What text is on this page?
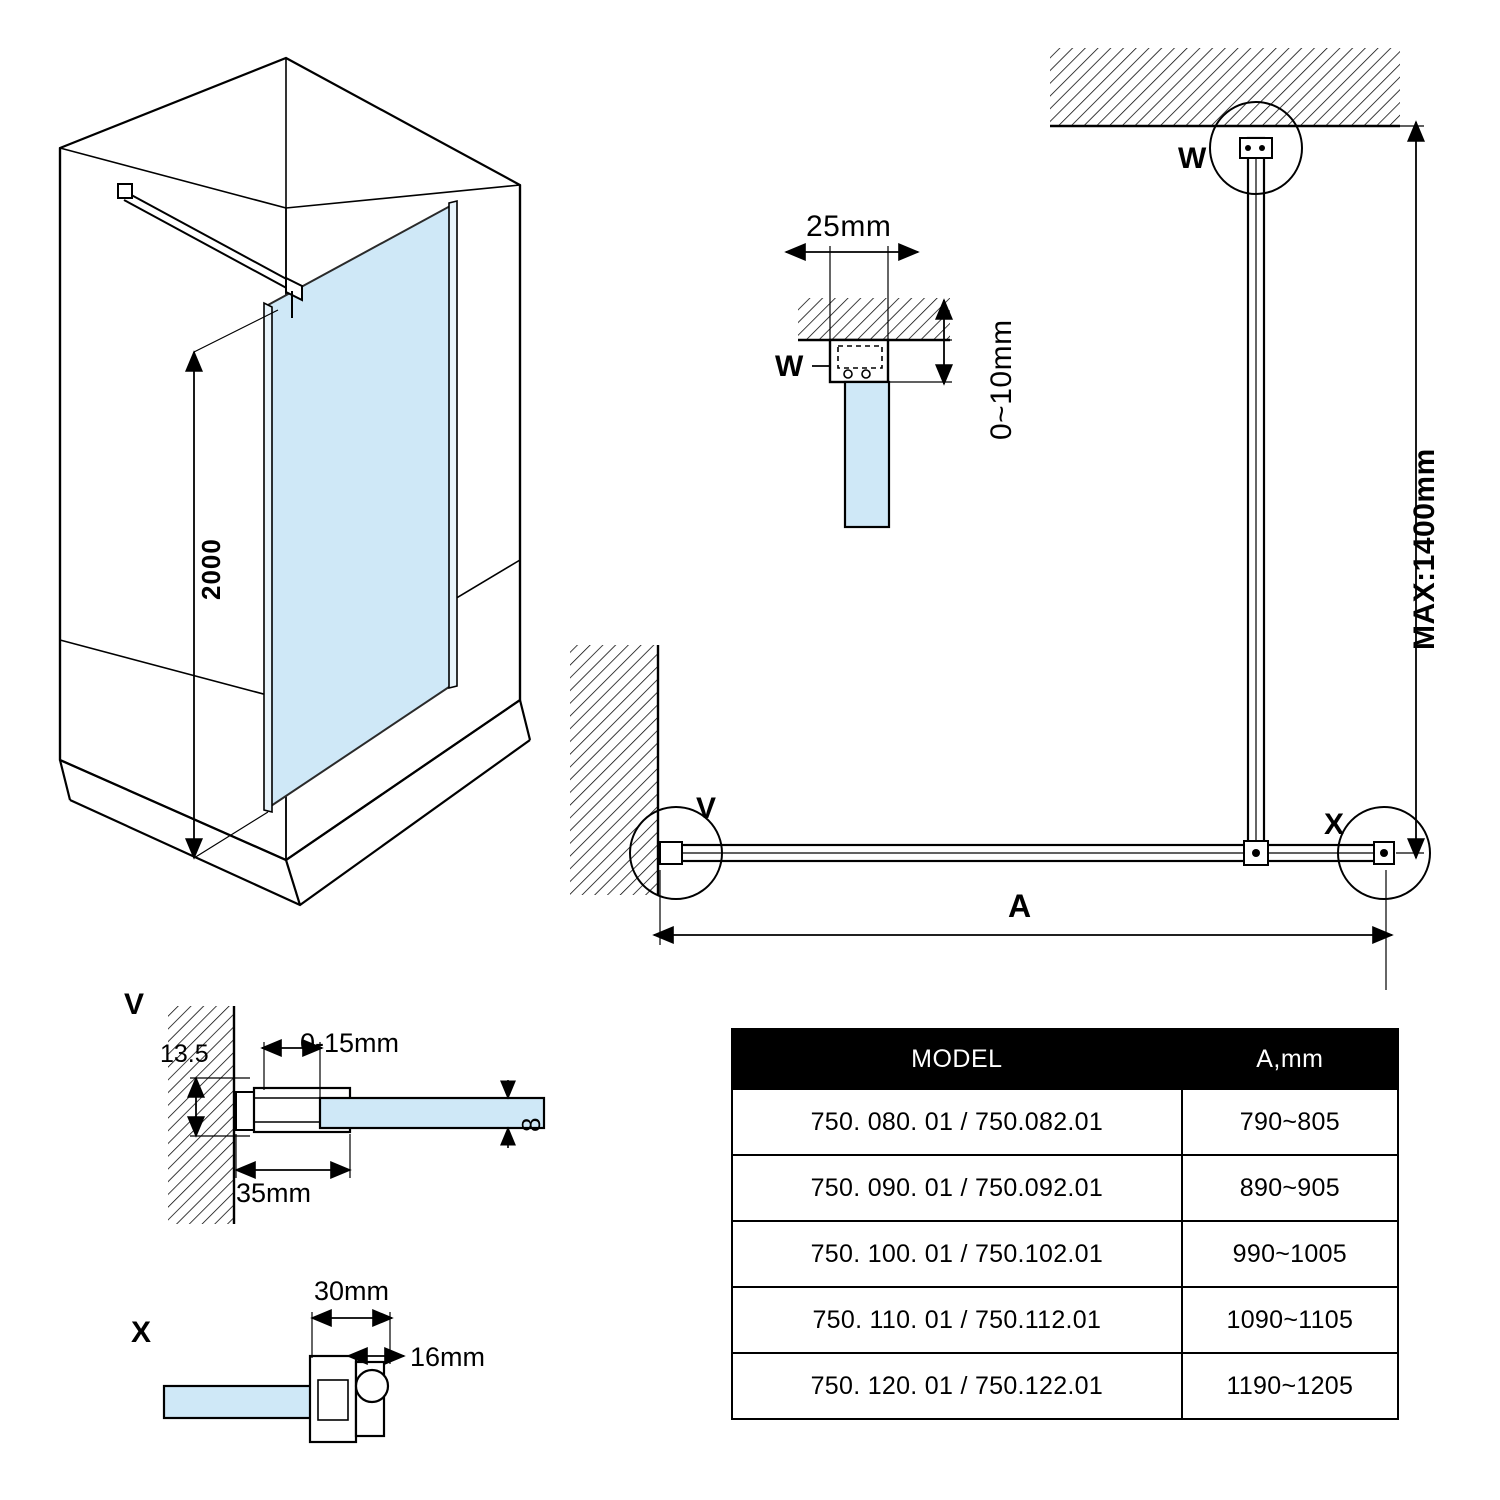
2000
25mm
0~10mm
W
W
V	X
MAX:1400mm
A
V
13.5	0-15mm
35mm
8
X
30mm
16mm
MODEL	A,mm
750. 080. 01 / 750.082.01	790~805
750. 090. 01 / 750.092.01	890~905
750. 100. 01 / 750.102.01	990~1005
750. 110. 01 / 750.112.01	1090~1105
750. 120. 01 / 750.122.01	1190~1205
